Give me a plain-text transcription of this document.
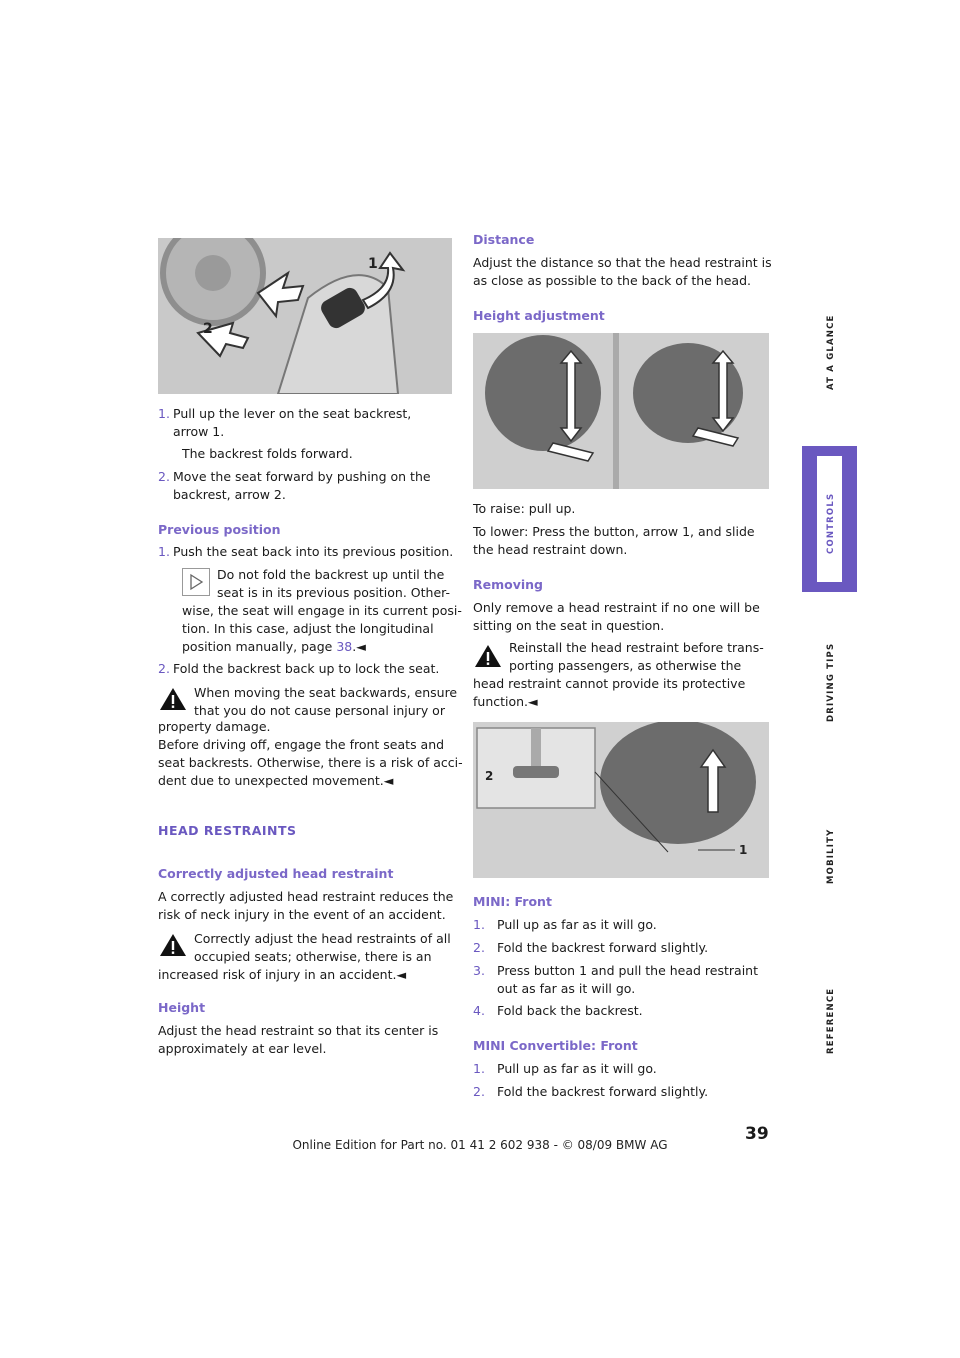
1
2
1. Pull up the lever on the seat backrest, arrow 1.
The backrest folds forward.
2. Move the seat forward by pushing on the backrest, arrow 2.
Previous position
1. Push the seat back into its previous position.
Do not fold the backrest up until the
seat is in its previous position. Other-
wise, the seat will engage in its current posi-
tion. In this case, adjust the longitudinal
position manually, page 38.◄
2. Fold the backrest back up to lock the seat.
When moving the seat backwards, ensure
that you do not cause personal injury or
property damage.
Before driving off, engage the front seats and
seat backrests. Otherwise, there is a risk of acci-
dent due to unexpected movement.◄
HEAD RESTRAINTS
Correctly adjusted head restraint
A correctly adjusted head restraint reduces the
risk of neck injury in the event of an accident.
Correctly adjust the head restraints of all
occupied seats; otherwise, there is an
increased risk of injury in an accident.◄
Height
Adjust the head restraint so that its center is
approximately at ear level.
Distance
Adjust the distance so that the head restraint is
as close as possible to the back of the head.
Height adjustment
To raise: pull up.
To lower: Press the button, arrow 1, and slide
the head restraint down.
Removing
Only remove a head restraint if no one will be
sitting on the seat in question.
Reinstall the head restraint before trans-
porting passengers, as otherwise the
head restraint cannot provide its protective
function.◄
1
2
MINI: Front
1. Pull up as far as it will go.
2. Fold the backrest forward slightly.
3. Press button 1 and pull the head restraint
out as far as it will go.
4. Fold back the backrest.
MINI Convertible: Front
1. Pull up as far as it will go.
2. Fold the backrest forward slightly.
AT A GLANCE
CONTROLS
DRIVING TIPS
MOBILITY
REFERENCE
39
Online Edition for Part no. 01 41 2 602 938 - © 08/09 BMW AG
